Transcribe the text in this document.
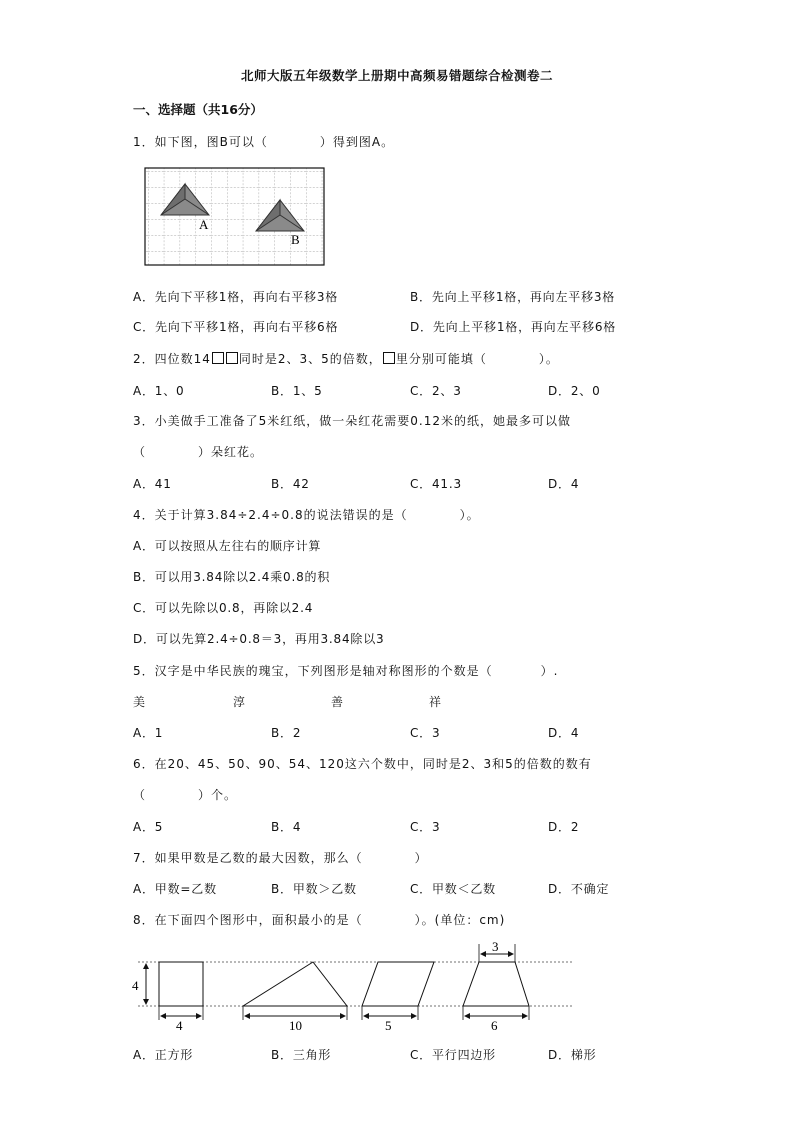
北师大版五年级数学上册期中高频易错题综合检测卷二
一、选择题（共16分）
1．如下图，图B可以（	）得到图A。
A
B
A．先向下平移1格，再向右平移3格	B．先向上平移1格，再向左平移3格
C．先向下平移1格，再向右平移6格	D．先向上平移1格，再向左平移6格
2．四位数14 同时是2、3、5的倍数， 里分别可能填（	）。
A．1、0	B．1、5	C．2、3	D．2、0
3．小美做手工准备了5米红纸，做一朵红花需要0.12米的纸，她最多可以做
（	）朵红花。
A．41	B．42	C．41.3	D．4
4．关于计算3.84÷2.4÷0.8的说法错误的是（	）。
A．可以按照从左往右的顺序计算
B．可以用3.84除以2.4乘0.8的积
C．可以先除以0.8，再除以2.4
D．可以先算2.4÷0.8＝3，再用3.84除以3
5．汉字是中华民族的瑰宝，下列图形是轴对称图形的个数是（	）.
美	淳	善	祥
A．1	B．2	C．3	D．4
6．在20、45、50、90、54、120这六个数中，同时是2、3和5的倍数的数有
（	）个。
A．5	B．4	C．3	D．2
7．如果甲数是乙数的最大因数，那么（	）
A．甲数=乙数	B．甲数＞乙数	C．甲数＜乙数	D．不确定
8．在下面四个图形中，面积最小的是（	）。(单位：cm)
4
4	10	5
3
6
A．正方形	B．三角形	C．平行四边形	D．梯形
